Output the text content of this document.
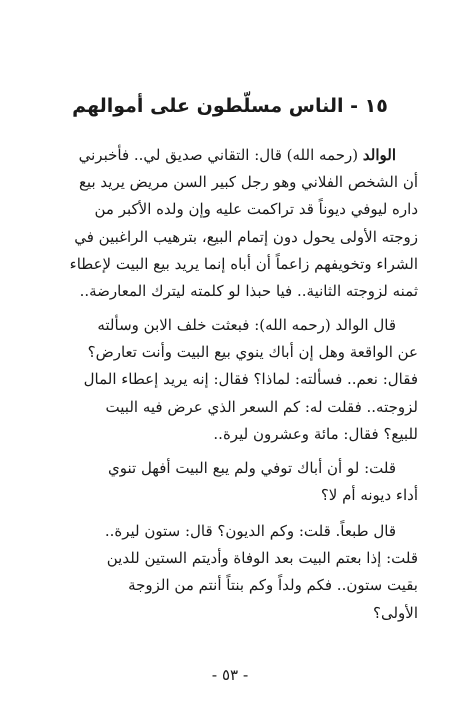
١٥ - الناس مسلّطون على أموالهم
الوالد (رحمه الله) قال: التقاني صديق لي.. فأخبرني
أن الشخص الفلاني وهو رجل كبير السن مريض يريد بيع
داره ليوفي ديوناً قد تراكمت عليه وإن ولده الأكبر من
زوجته الأولى يحول دون إتمام البيع، بترهيب الراغبين في
الشراء وتخويفهم زاعماً أن أباه إنما يريد بيع البيت لإعطاء
ثمنه لزوجته الثانية.. فيا حبذا لو كلمته ليترك المعارضة..
قال الوالد (رحمه الله): فبعثت خلف الابن وسألته
عن الواقعة وهل إن أباك ينوي بيع البيت وأنت تعارض؟
فقال: نعم.. فسألته: لماذا؟ فقال: إنه يريد إعطاء المال
لزوجته.. فقلت له: كم السعر الذي عرض فيه البيت
للبيع؟ فقال: مائة وعشرون ليرة..
قلت: لو أن أباك توفي ولم يبع البيت أفهل تنوي
أداء ديونه أم لا؟
قال طبعاً. قلت: وكم الديون؟ قال: ستون ليرة..
قلت: إذا بعتم البيت بعد الوفاة وأديتم الستين للدين
بقيت ستون.. فكم ولداً وكم بنتاً أنتم من الزوجة
الأولى؟
- ٥٣ -
